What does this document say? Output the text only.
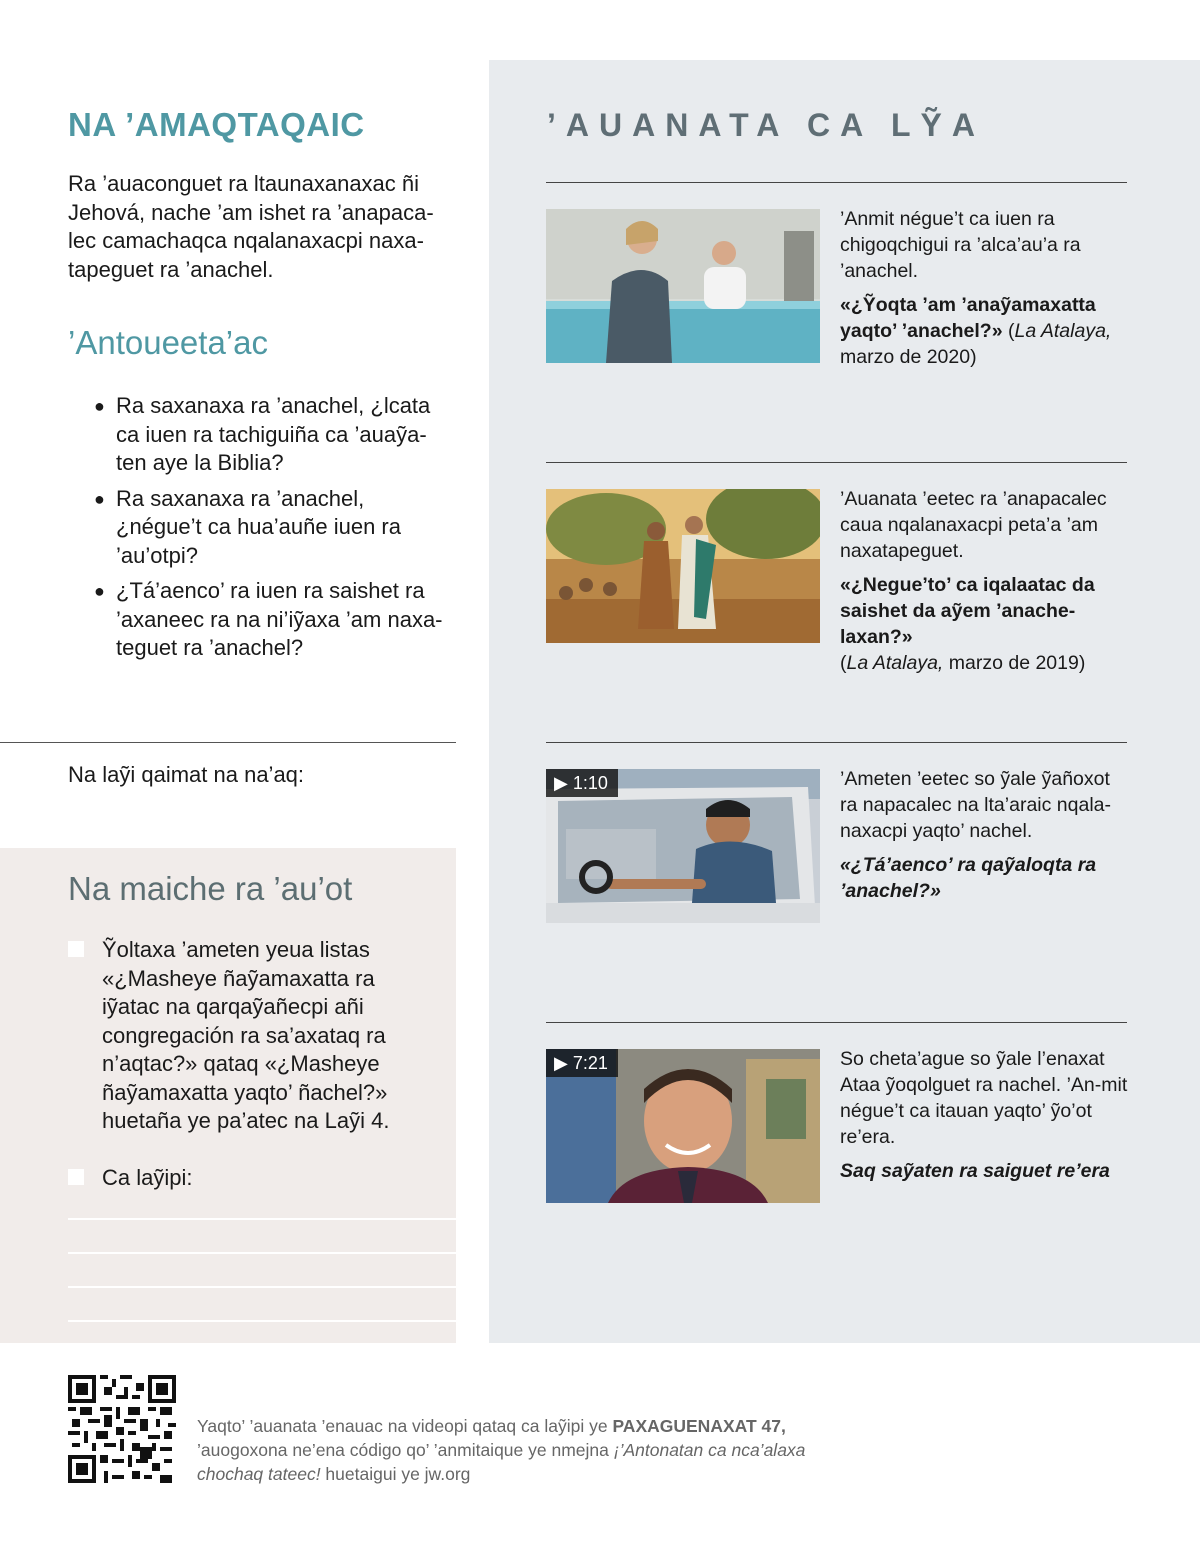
NA ’AMAQTAQAIC

Ra ’auaconguet ra ltaunaxanaxac ñi Jehová, nache ’am ishet ra ’anapaca-lec camachaqca nqalanaxacpi naxa-tapeguet ra ’anachel.

’Antoueeta’ac
● Ra saxanaxa ra ’anachel, ¿lcata ca iuen ra tachiguiña ca ’auaỹa-ten aye la Biblia?
● Ra saxanaxa ra ’anachel, ¿négue’t ca hua’auñe iuen ra ’au’otpi?
● ¿Tá’aenco’ ra iuen ra saishet ra ’axaneec ra na ni’iỹaxa ’am naxa-teguet ra ’anachel?
Na laỹi qaimat na na’aq:
Na maiche ra ’au’ot
Ỹoltaxa ’ameten yeua listas «¿Masheye ñaỹamaxatta ra iỹatac na qarqaỹañecpi añi congregación ra sa’axataq ra n’aqtac?» qataq «¿Masheye ñaỹamaxatta yaqto’ ñachel?» huetaña ye pa’atec na Laỹi 4.
Ca laỹipi:
’AUANATA CA LỸA
’Anmit négue’t ca iuen ra chigoqchigui ra ’alca’au’a ra ’anachel.
«¿Ỹoqta ’am ’anaỹamaxatta yaqto’ ’anachel?» (La Atalaya, marzo de 2020)
’Auanata ’eetec ra ’anapacalec caua nqalanaxacpi peta’a ’am naxatapeguet.
«¿Negue’to’ ca iqalaatac da saishet da aỹem ’anache-laxan?»
(La Atalaya, marzo de 2019)
▶ 1:10	’Ameten ’eetec so ỹale ỹañoxot ra napacalec na lta’araic nqala-naxacpi yaqto’ nachel.
«¿Tá’aenco’ ra qaỹaloqta ra ’anachel?»
▶ 7:21	So cheta’ague so ỹale l’enaxat Ataa ỹoqolguet ra nachel. ’An-mit négue’t ca itauan yaqto’ ỹo’ot re’era.
Saq saỹaten ra saiguet re’era

Yaqto’ ’auanata ’enauac na videopi qataq ca laỹipi ye PAXAGUENAXAT 47,
’auogoxona ne’ena código qo’ ’anmitaique ye nmejna ¡’Antonatan ca nca’alaxa chochaq tateec! huetaigui ye jw.org
